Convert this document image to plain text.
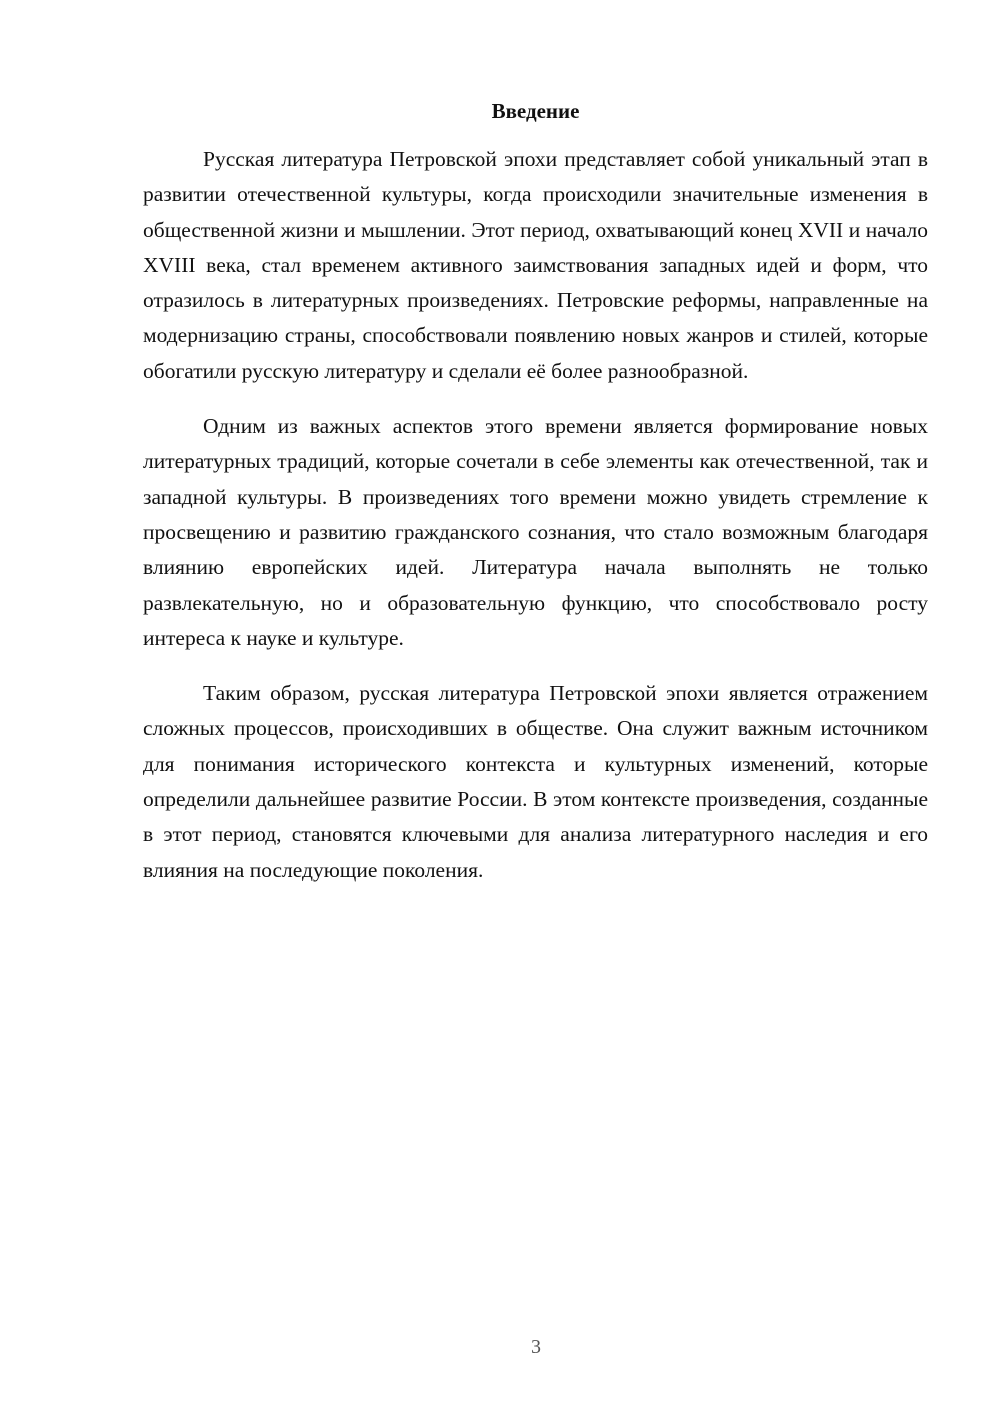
Введение

Русская литература Петровской эпохи представляет собой уникальный этап в развитии отечественной культуры, когда происходили значительные изменения в общественной жизни и мышлении. Этот период, охватывающий конец XVII и начало XVIII века, стал временем активного заимствования западных идей и форм, что отразилось в литературных произведениях. Петровские реформы, направленные на модернизацию страны, способствовали появлению новых жанров и стилей, которые обогатили русскую литературу и сделали её более разнообразной.

Одним из важных аспектов этого времени является формирование новых литературных традиций, которые сочетали в себе элементы как отечественной, так и западной культуры. В произведениях того времени можно увидеть стремление к просвещению и развитию гражданского сознания, что стало возможным благодаря влиянию европейских идей. Литература начала выполнять не только развлекательную, но и образовательную функцию, что способствовало росту интереса к науке и культуре.

Таким образом, русская литература Петровской эпохи является отражением сложных процессов, происходивших в обществе. Она служит важным источником для понимания исторического контекста и культурных изменений, которые определили дальнейшее развитие России. В этом контексте произведения, созданные в этот период, становятся ключевыми для анализа литературного наследия и его влияния на последующие поколения.

3
